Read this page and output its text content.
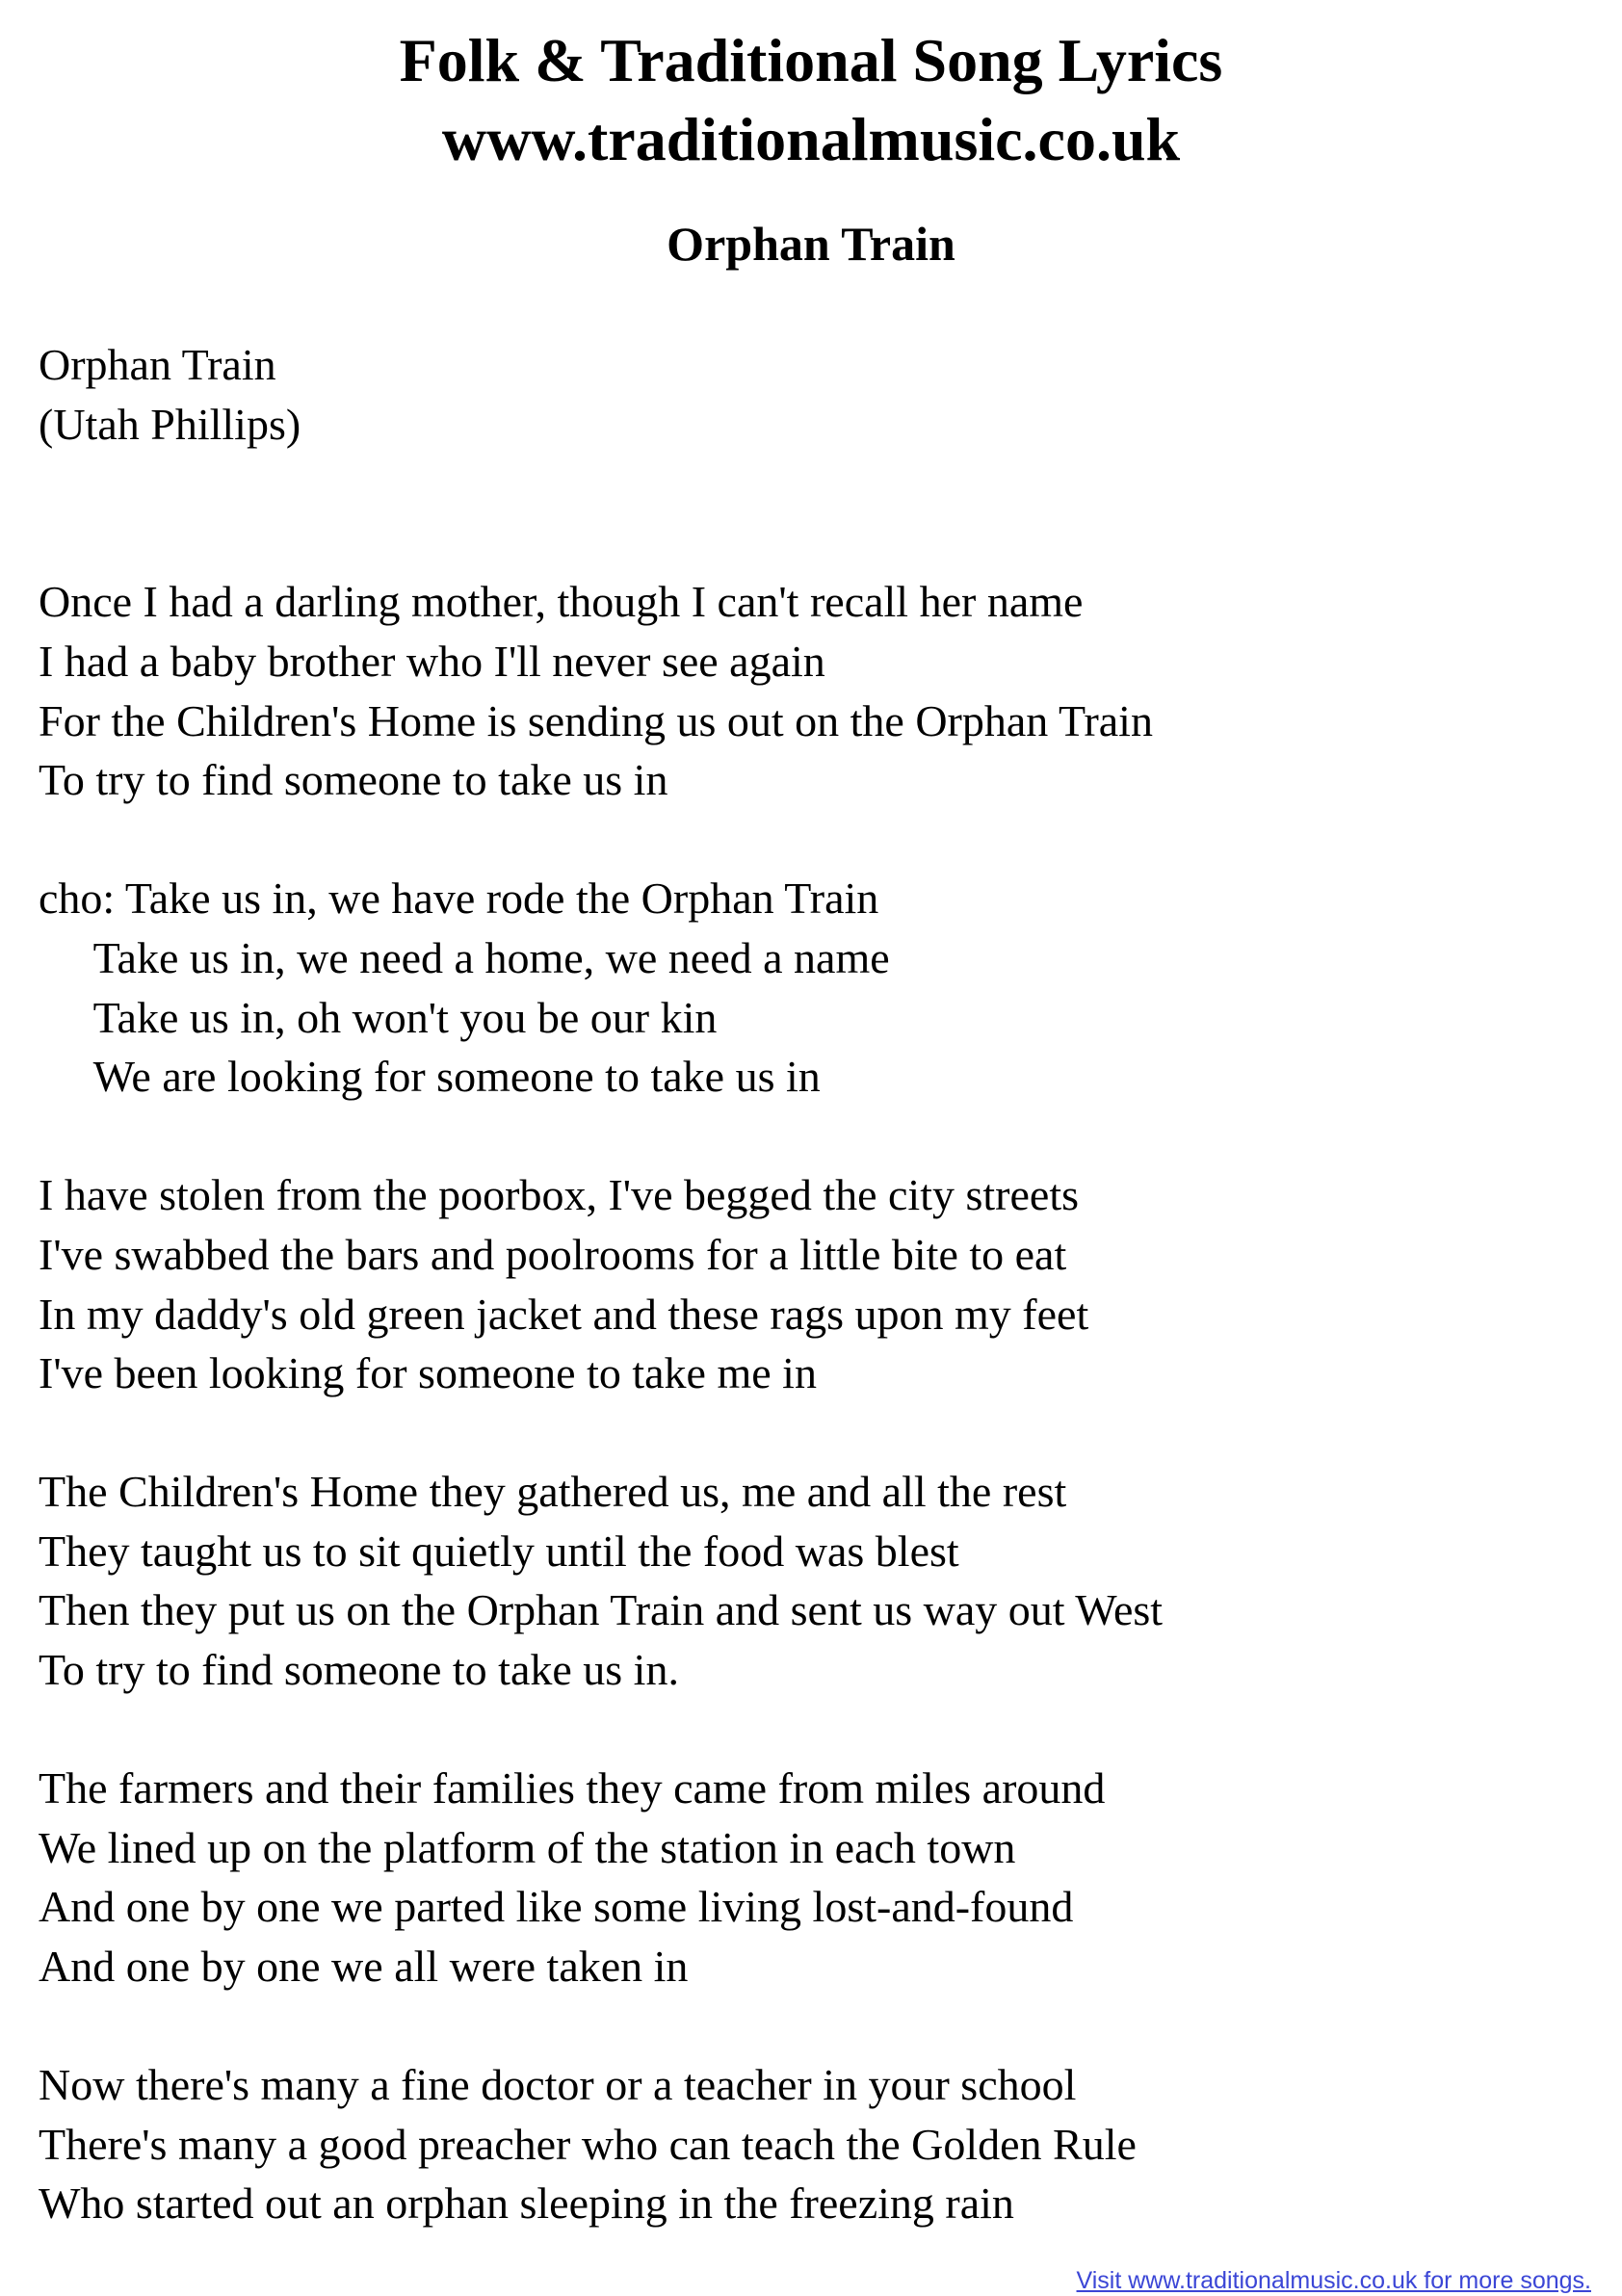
Folk & Traditional Song Lyrics
www.traditionalmusic.co.uk
Orphan Train
Orphan Train
(Utah Phillips)
Once I had a darling mother, though I can't recall her name
I had a baby brother who I'll never see again
For the Children's Home is sending us out on the Orphan Train
To try to find someone to take us in
cho: Take us in, we have rode the Orphan Train
Take us in, we need a home, we need a name
Take us in, oh won't you be our kin
We are looking for someone to take us in
I have stolen from the poorbox, I've begged the city streets
I've swabbed the bars and poolrooms for a little bite to eat
In my daddy's old green jacket and these rags upon my feet
I've been looking for someone to take me in
The Children's Home they gathered us, me and all the rest
They taught us to sit quietly until the food was blest
Then they put us on the Orphan Train and sent us way out West
To try to find someone to take us in.
The farmers and their families they came from miles around
We lined up on the platform of the station in each town
And one by one we parted like some living lost-and-found
And one by one we all were taken in
Now there's many a fine doctor or a teacher in your school
There's many a good preacher who can teach the Golden Rule
Who started out an orphan sleeping in the freezing rain
Visit www.traditionalmusic.co.uk for more songs.
